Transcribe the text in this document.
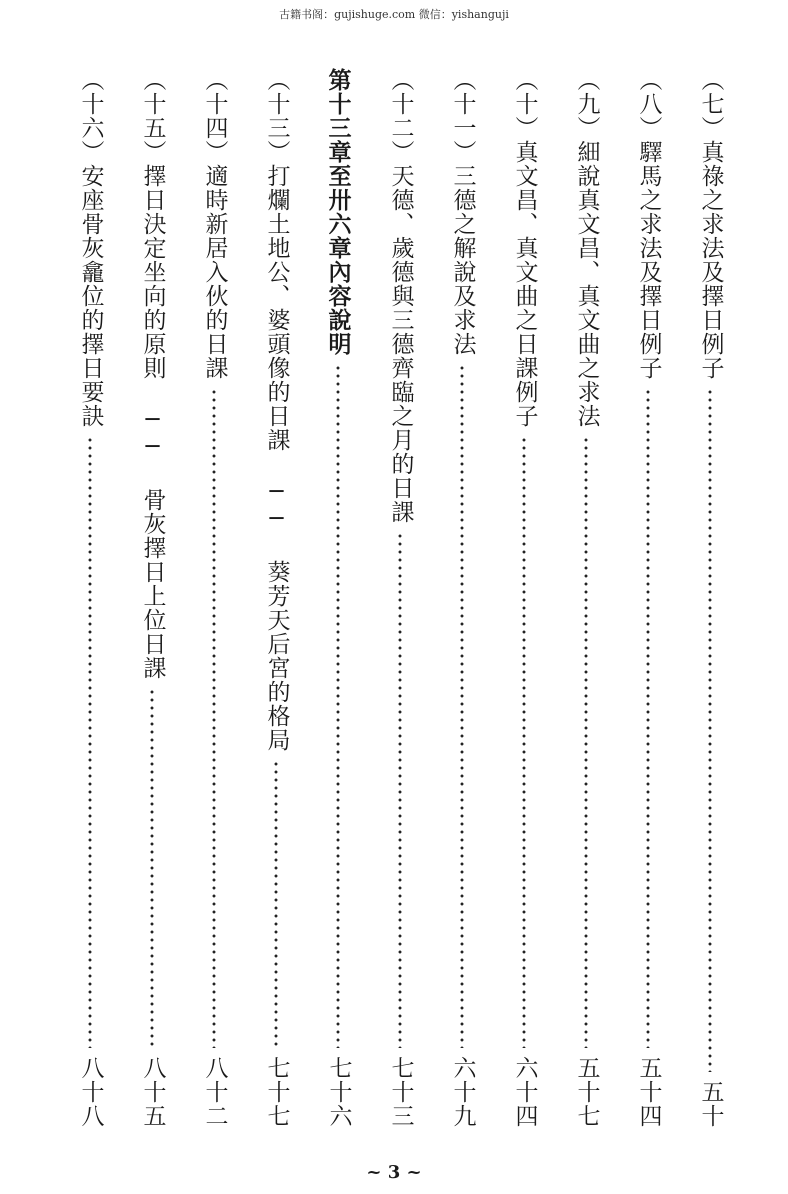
古籍书阁：gujishuge.com 微信：yishanguji
（七）真祿之求法及擇日例子
五十
（八）驛馬之求法及擇日例子
五十四
（九）細說真文昌、真文曲之求法
五十七
（十）真文昌、真文曲之日課例子
六十四
（十一）三德之解說及求法
六十九
（十二）天德、歲德與三德齊臨之月的日課
七十三
第十三章至卅六章內容說明
七十六
（十三）打爛土地公、婆頭像的日課 ── 葵芳天后宮的格局
七十七
（十四）適時新居入伙的日課
八十二
（十五）擇日決定坐向的原則 ── 骨灰擇日上位日課
八十五
（十六）安座骨灰龕位的擇日要訣
八十八
~ 3 ~
